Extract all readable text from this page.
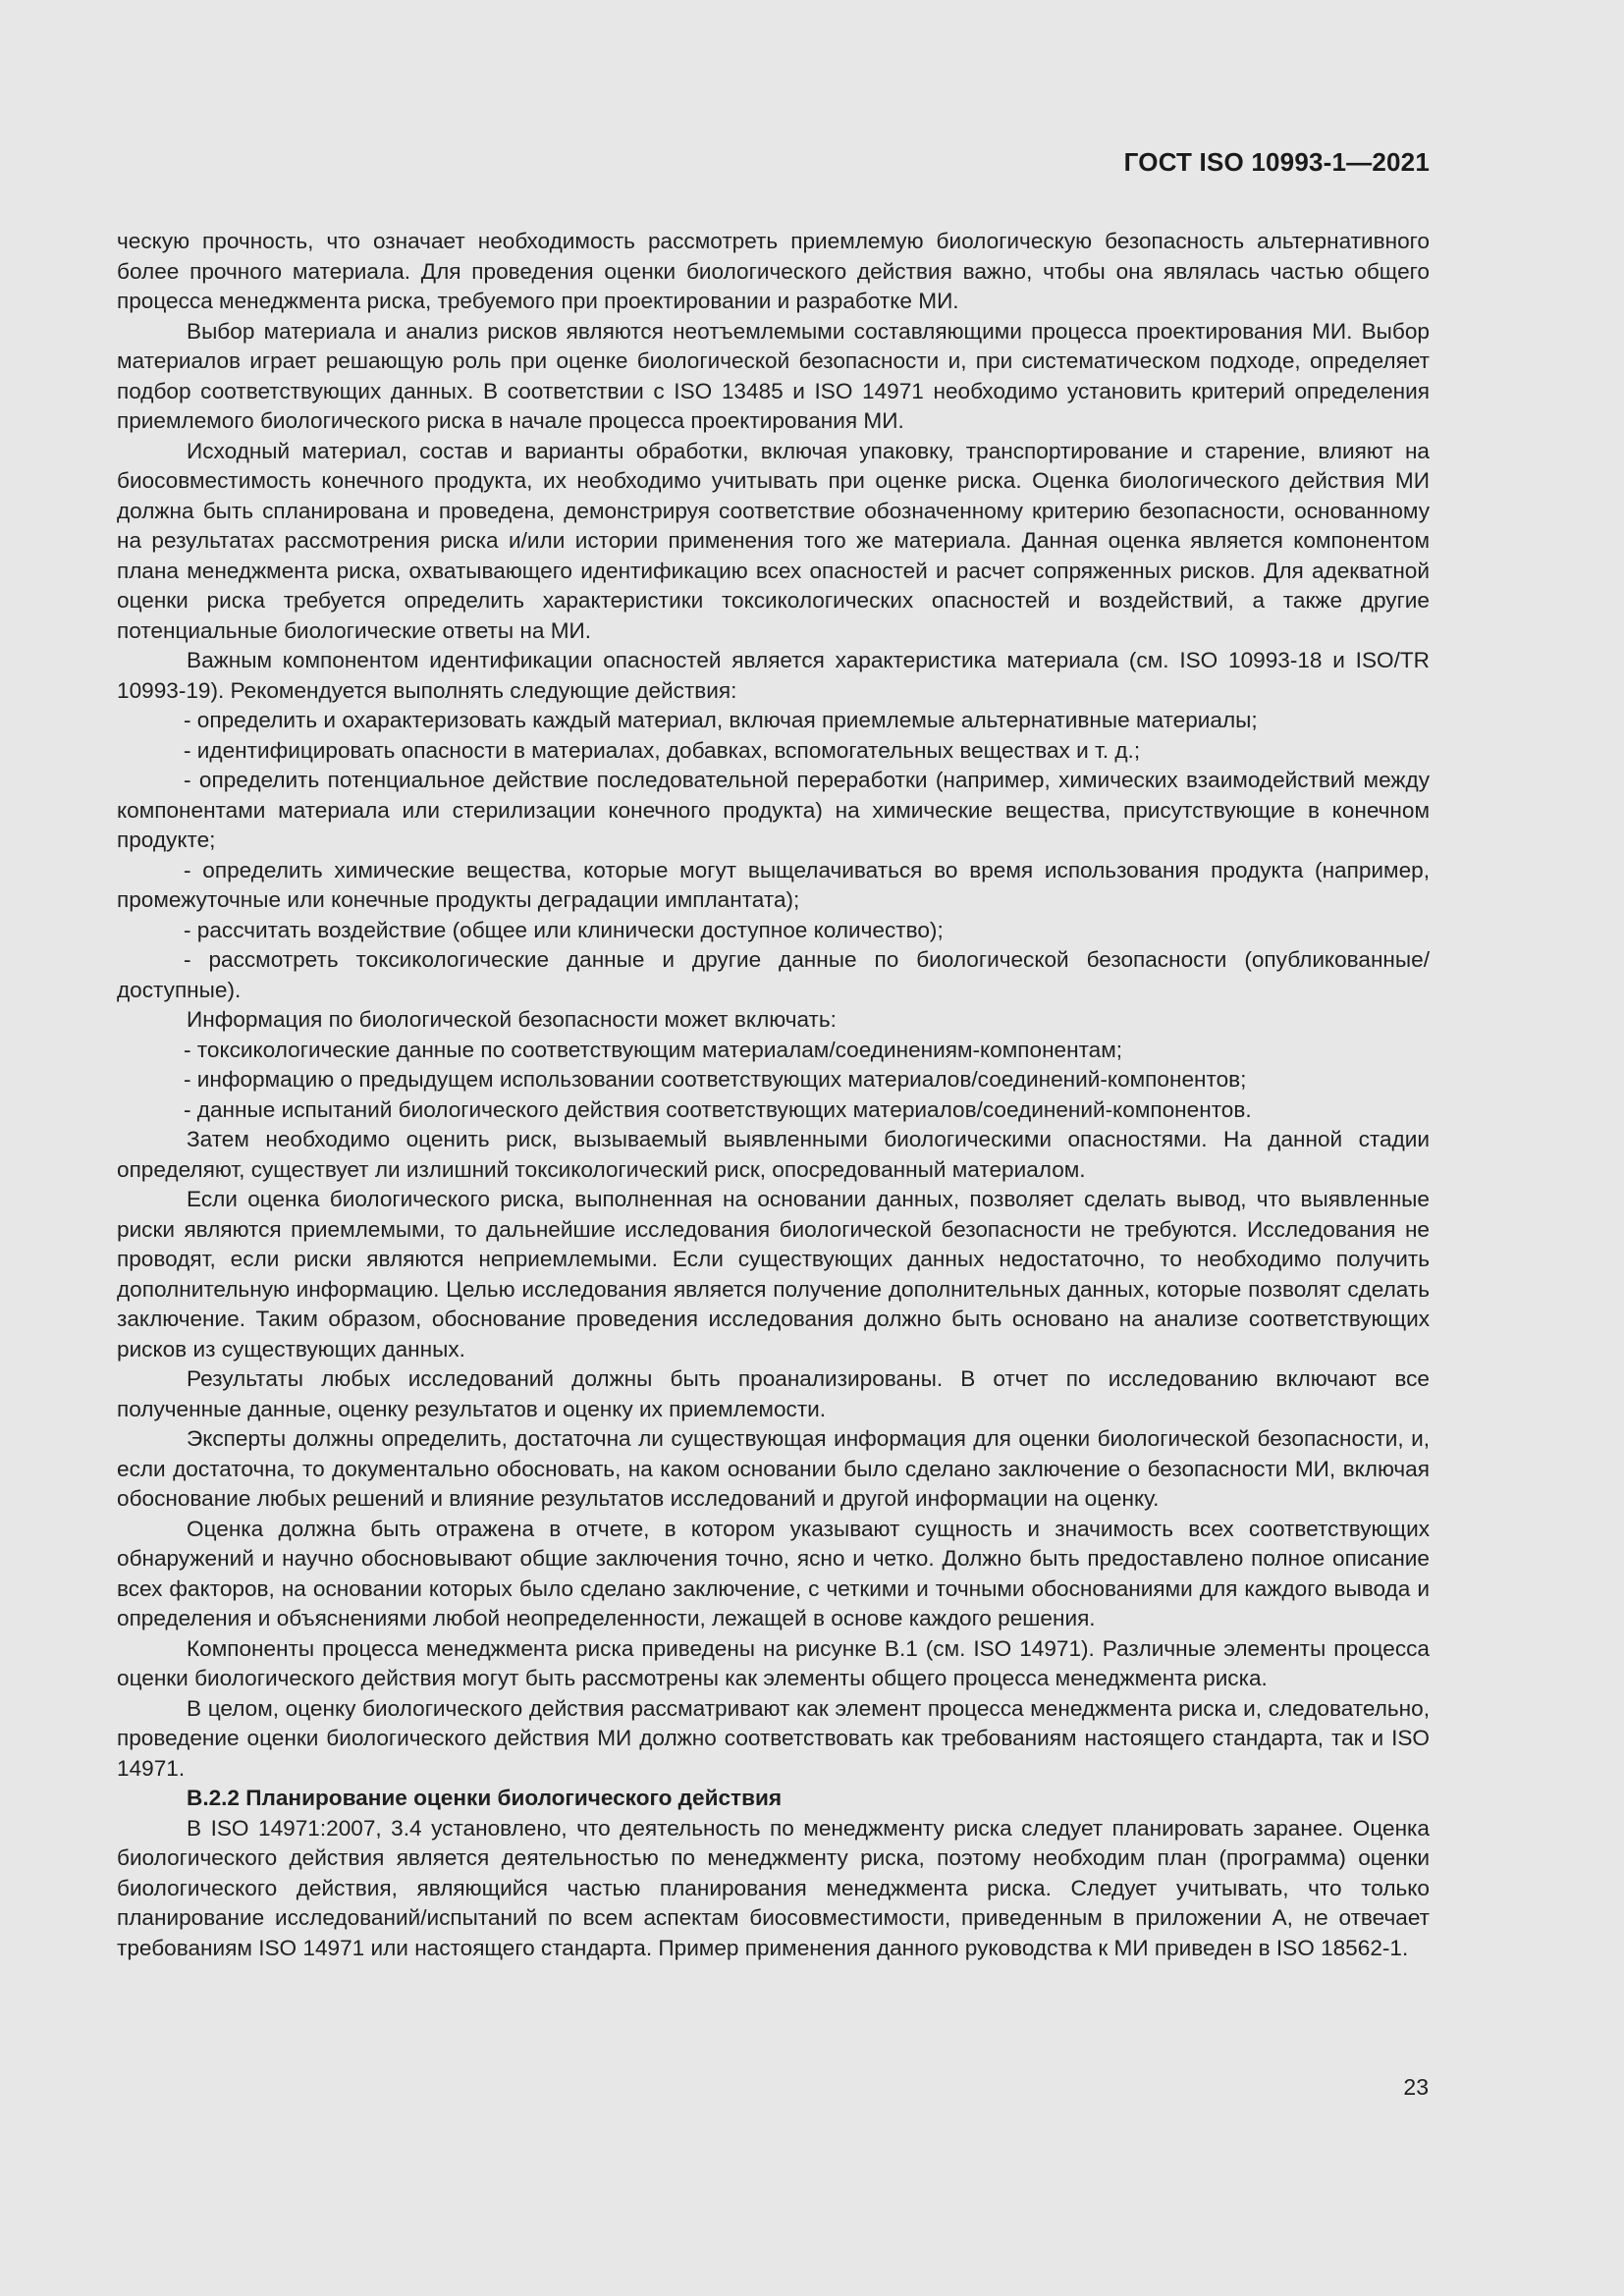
ГОСТ ISO 10993-1—2021

ческую прочность, что означает необходимость рассмотреть приемлемую биологическую безопасность альтернативного более прочного материала. Для проведения оценки биологического действия важно, чтобы она являлась частью общего процесса менеджмента риска, требуемого при проектировании и разработке МИ.

Выбор материала и анализ рисков являются неотъемлемыми составляющими процесса проектирования МИ. Выбор материалов играет решающую роль при оценке биологической безопасности и, при систематическом подходе, определяет подбор соответствующих данных. В соответствии с ISO 13485 и ISO 14971 необходимо установить критерий определения приемлемого биологического риска в начале процесса проектирования МИ.

Исходный материал, состав и варианты обработки, включая упаковку, транспортирование и старение, влияют на биосовместимость конечного продукта, их необходимо учитывать при оценке риска. Оценка биологического действия МИ должна быть спланирована и проведена, демонстрируя соответствие обозначенному критерию безопасности, основанному на результатах рассмотрения риска и/или истории применения того же материала. Данная оценка является компонентом плана менеджмента риска, охватывающего идентификацию всех опасностей и расчет сопряженных рисков. Для адекватной оценки риска требуется определить характеристики токсикологических опасностей и воздействий, а также другие потенциальные биологические ответы на МИ.

Важным компонентом идентификации опасностей является характеристика материала (см. ISO 10993-18 и ISO/TR 10993-19). Рекомендуется выполнять следующие действия:

- определить и охарактеризовать каждый материал, включая приемлемые альтернативные материалы;

- идентифицировать опасности в материалах, добавках, вспомогательных веществах и т. д.;

- определить потенциальное действие последовательной переработки (например, химических взаимодействий между компонентами материала или стерилизации конечного продукта) на химические вещества, присутствующие в конечном продукте;

- определить химические вещества, которые могут выщелачиваться во время использования продукта (например, промежуточные или конечные продукты деградации имплантата);

- рассчитать воздействие (общее или клинически доступное количество);

- рассмотреть токсикологические данные и другие данные по биологической безопасности (опубликованные/доступные).

Информация по биологической безопасности может включать:

- токсикологические данные по соответствующим материалам/соединениям-компонентам;

- информацию о предыдущем использовании соответствующих материалов/соединений-компонентов;

- данные испытаний биологического действия соответствующих материалов/соединений-компонентов.

Затем необходимо оценить риск, вызываемый выявленными биологическими опасностями. На данной стадии определяют, существует ли излишний токсикологический риск, опосредованный материалом.

Если оценка биологического риска, выполненная на основании данных, позволяет сделать вывод, что выявленные риски являются приемлемыми, то дальнейшие исследования биологической безопасности не требуются. Исследования не проводят, если риски являются неприемлемыми. Если существующих данных недостаточно, то необходимо получить дополнительную информацию. Целью исследования является получение дополнительных данных, которые позволят сделать заключение. Таким образом, обоснование проведения исследования должно быть основано на анализе соответствующих рисков из существующих данных.

Результаты любых исследований должны быть проанализированы. В отчет по исследованию включают все полученные данные, оценку результатов и оценку их приемлемости.

Эксперты должны определить, достаточна ли существующая информация для оценки биологической безопасности, и, если достаточна, то документально обосновать, на каком основании было сделано заключение о безопасности МИ, включая обоснование любых решений и влияние результатов исследований и другой информации на оценку.

Оценка должна быть отражена в отчете, в котором указывают сущность и значимость всех соответствующих обнаружений и научно обосновывают общие заключения точно, ясно и четко. Должно быть предоставлено полное описание всех факторов, на основании которых было сделано заключение, с четкими и точными обоснованиями для каждого вывода и определения и объяснениями любой неопределенности, лежащей в основе каждого решения.

Компоненты процесса менеджмента риска приведены на рисунке В.1 (см. ISO 14971). Различные элементы процесса оценки биологического действия могут быть рассмотрены как элементы общего процесса менеджмента риска.

В целом, оценку биологического действия рассматривают как элемент процесса менеджмента риска и, следовательно, проведение оценки биологического действия МИ должно соответствовать как требованиям настоящего стандарта, так и ISO 14971.

В.2.2 Планирование оценки биологического действия

В ISO 14971:2007, 3.4 установлено, что деятельность по менеджменту риска следует планировать заранее. Оценка биологического действия является деятельностью по менеджменту риска, поэтому необходим план (программа) оценки биологического действия, являющийся частью планирования менеджмента риска. Следует учитывать, что только планирование исследований/испытаний по всем аспектам биосовместимости, приведенным в приложении А, не отвечает требованиям ISO 14971 или настоящего стандарта. Пример применения данного руководства к МИ приведен в ISO 18562-1.

23
